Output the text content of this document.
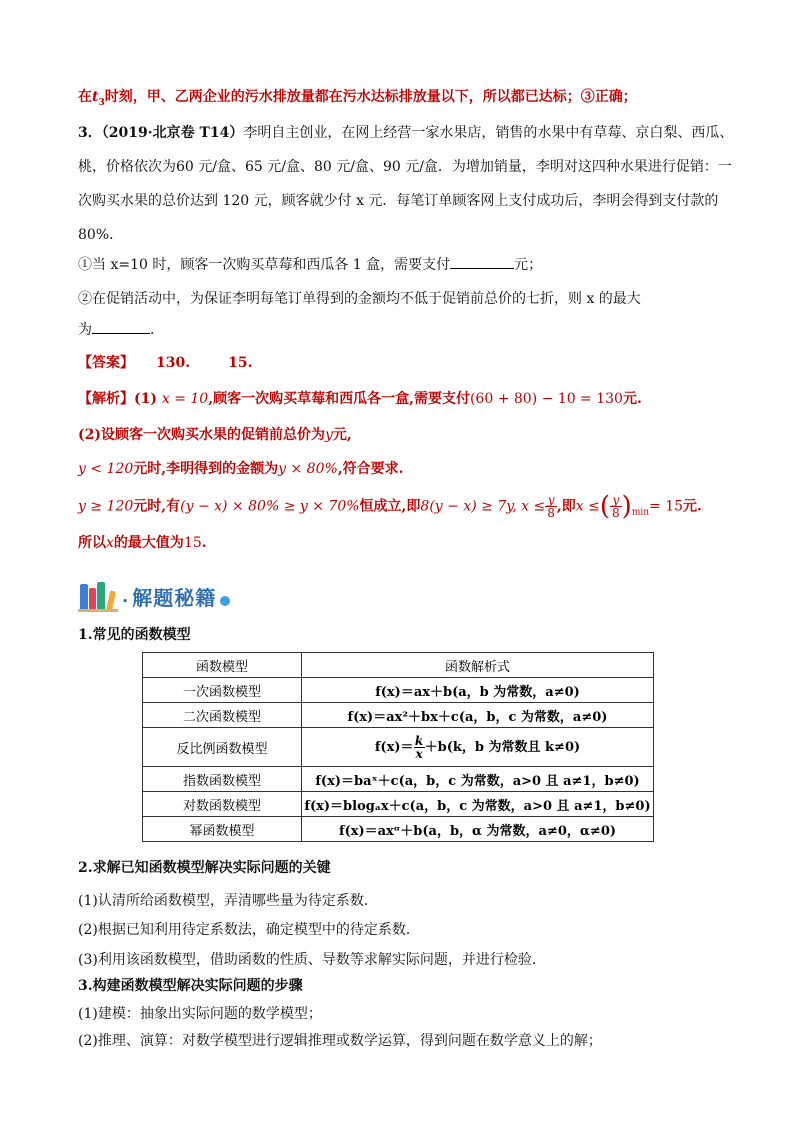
在$t_3$时刻，甲、乙两企业的污水排放量都在污水达标排放量以下，所以都已达标；③正确；
3．（2019·北京卷 T14）李明自主创业，在网上经营一家水果店，销售的水果中有草莓、京白梨、西瓜、
桃，价格依次为60 元/盒、65 元/盒、80 元/盒、90 元/盒．为增加销量，李明对这四种水果进行促销：一
次购买水果的总价达到 120 元，顾客就少付 x 元．每笔订单顾客网上支付成功后，李明会得到支付款的
80%．
①当 x=10 时，顾客一次购买草莓和西瓜各 1 盒，需要支付	元；
②在促销活动中，为保证李明每笔订单得到的金额均不低于促销前总价的七折，则 x 的最大
为	．
【答案】 130.	15.
【解析】(1) x = 10,顾客一次购买草莓和西瓜各一盒,需要支付(60 + 80) − 10 = 130元.
(2)设顾客一次购买水果的促销前总价为y元,
y < 120元时,李明得到的金额为y × 80%,符合要求.
y ≥ 120元时,有(y − x) × 80% ≥ y × 70%恒成立,即8(y − x) ≥ 7y, $x \le \frac{y}{8}$ ,即x ≤( $\frac{y}{8} )_{min}= 15$元.
所以x的最大值为15.
. 解题秘籍
1.常见的函数模型
函数模型	函数解析式
一次函数模型	f(x)＝ax＋b(a，b 为常数，a≠0)
二次函数模型	f(x)＝ax²＋bx＋c(a，b，c 为常数，a≠0)
反比例函数模型	$f(x)= \frac{k}{x} +b(k$，b 为常数且 k≠0)
指数函数模型	f(x)＝baˣ＋c(a，b，c 为常数，a>0 且 a≠1，b≠0)
对数函数模型	f(x)＝blogₐx＋c(a，b，c 为常数，a>0 且 a≠1，b≠0)
幂函数模型	f(x)＝axᵅ＋b(a，b，α 为常数，a≠0，α≠0)
2.求解已知函数模型解决实际问题的关键
(1)认清所给函数模型，弄清哪些量为待定系数．
(2)根据已知利用待定系数法，确定模型中的待定系数．
(3)利用该函数模型，借助函数的性质、导数等求解实际问题，并进行检验．
3.构建函数模型解决实际问题的步骤
(1)建模：抽象出实际问题的数学模型；
(2)推理、演算：对数学模型进行逻辑推理或数学运算，得到问题在数学意义上的解；
